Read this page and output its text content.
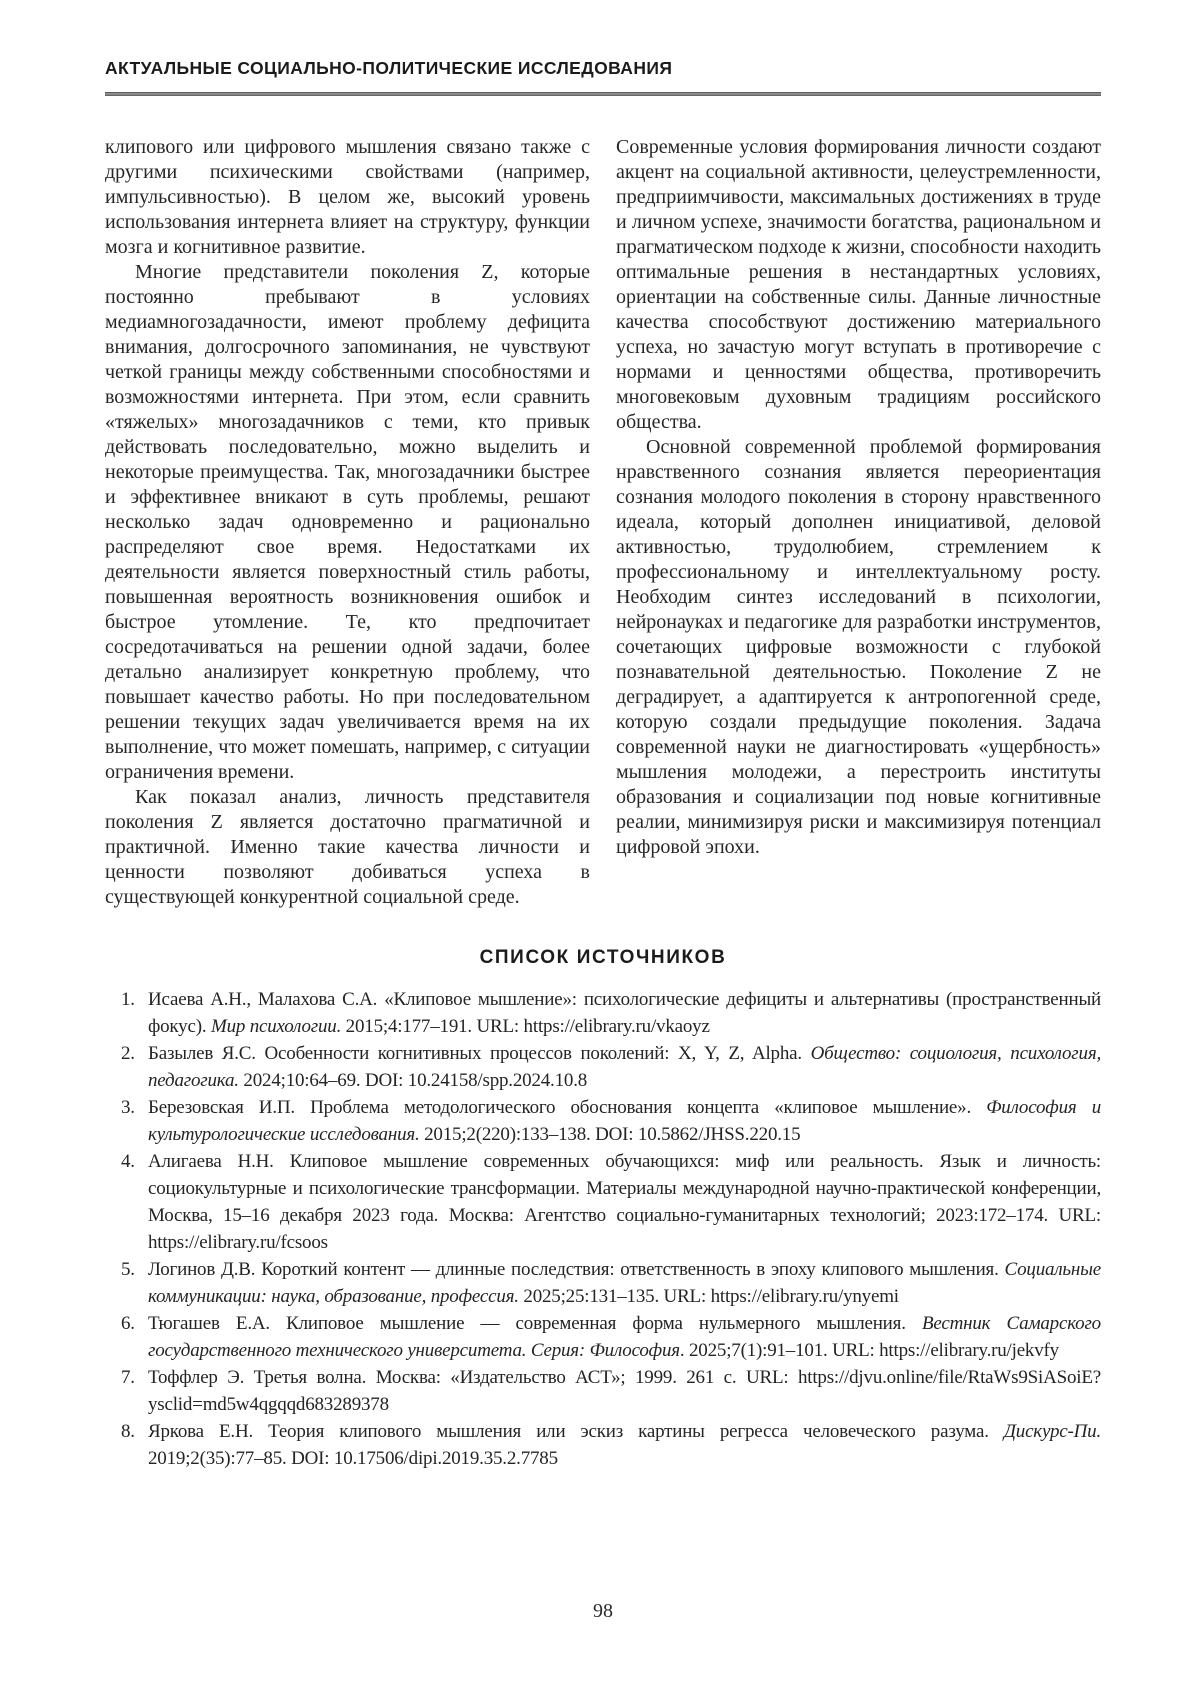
АКТУАЛЬНЫЕ СОЦИАЛЬНО-ПОЛИТИЧЕСКИЕ ИССЛЕДОВАНИЯ

клипового или цифрового мышления связано также с другими психическими свойствами (например, импульсивностью). В целом же, высокий уровень использования интернета влияет на структуру, функции мозга и когнитивное развитие.

Многие представители поколения Z, которые постоянно пребывают в условиях медиамногозадачности, имеют проблему дефицита внимания, долгосрочного запоминания, не чувствуют четкой границы между собственными способностями и возможностями интернета. При этом, если сравнить «тяжелых» многозадачников с теми, кто привык действовать последовательно, можно выделить и некоторые преимущества. Так, многозадачники быстрее и эффективнее вникают в суть проблемы, решают несколько задач одновременно и рационально распределяют свое время. Недостатками их деятельности является поверхностный стиль работы, повышенная вероятность возникновения ошибок и быстрое утомление. Те, кто предпочитает сосредотачиваться на решении одной задачи, более детально анализирует конкретную проблему, что повышает качество работы. Но при последовательном решении текущих задач увеличивается время на их выполнение, что может помешать, например, с ситуации ограничения времени.

Как показал анализ, личность представителя поколения Z является достаточно прагматичной и практичной. Именно такие качества личности и ценности позволяют добиваться успеха в существующей конкурентной социальной среде.

Современные условия формирования личности создают акцент на социальной активности, целеустремленности, предприимчивости, максимальных достижениях в труде и личном успехе, значимости богатства, рациональном и прагматическом подходе к жизни, способности находить оптимальные решения в нестандартных условиях, ориентации на собственные силы. Данные личностные качества способствуют достижению материального успеха, но зачастую могут вступать в противоречие с нормами и ценностями общества, противоречить многовековым духовным традициям российского общества.

Основной современной проблемой формирования нравственного сознания является переориентация сознания молодого поколения в сторону нравственного идеала, который дополнен инициативой, деловой активностью, трудолюбием, стремлением к профессиональному и интеллектуальному росту. Необходим синтез исследований в психологии, нейронауках и педагогике для разработки инструментов, сочетающих цифровые возможности с глубокой познавательной деятельностью. Поколение Z не деградирует, а адаптируется к антропогенной среде, которую создали предыдущие поколения. Задача современной науки не диагностировать «ущербность» мышления молодежи, а перестроить институты образования и социализации под новые когнитивные реалии, минимизируя риски и максимизируя потенциал цифровой эпохи.

СПИСОК ИСТОЧНИКОВ
1. Исаева А.Н., Малахова С.А. «Клиповое мышление»: психологические дефициты и альтернативы (пространственный фокус). Мир психологии. 2015;4:177–191. URL: https://elibrary.ru/vkaoyz
2. Базылев Я.С. Особенности когнитивных процессов поколений: X, Y, Z, Alpha. Общество: социология, психология, педагогика. 2024;10:64–69. DOI: 10.24158/spp.2024.10.8
3. Березовская И.П. Проблема методологического обоснования концепта «клиповое мышление». Философия и культурологические исследования. 2015;2(220):133–138. DOI: 10.5862/JHSS.220.15
4. Алигаева Н.Н. Клиповое мышление современных обучающихся: миф или реальность. Язык и личность: социокультурные и психологические трансформации. Материалы международной научно-практической конференции, Москва, 15–16 декабря 2023 года. Москва: Агентство социально-гуманитарных технологий; 2023:172–174. URL: https://elibrary.ru/fcsoos
5. Логинов Д.В. Короткий контент — длинные последствия: ответственность в эпоху клипового мышления. Социальные коммуникации: наука, образование, профессия. 2025;25:131–135. URL: https://elibrary.ru/ynyemi
6. Тюгашев Е.А. Клиповое мышление — современная форма нульмерного мышления. Вестник Самарского государственного технического университета. Серия: Философия. 2025;7(1):91–101. URL: https://elibrary.ru/jekvfy
7. Тоффлер Э. Третья волна. Москва: «Издательство АСТ»; 1999. 261 с. URL: https://djvu.online/file/RtaWs9SiASoiE?ysclid=md5w4qgqqd683289378
8. Яркова Е.Н. Теория клипового мышления или эскиз картины регресса человеческого разума. Дискурс-Пи. 2019;2(35):77–85. DOI: 10.17506/dipi.2019.35.2.7785
98
